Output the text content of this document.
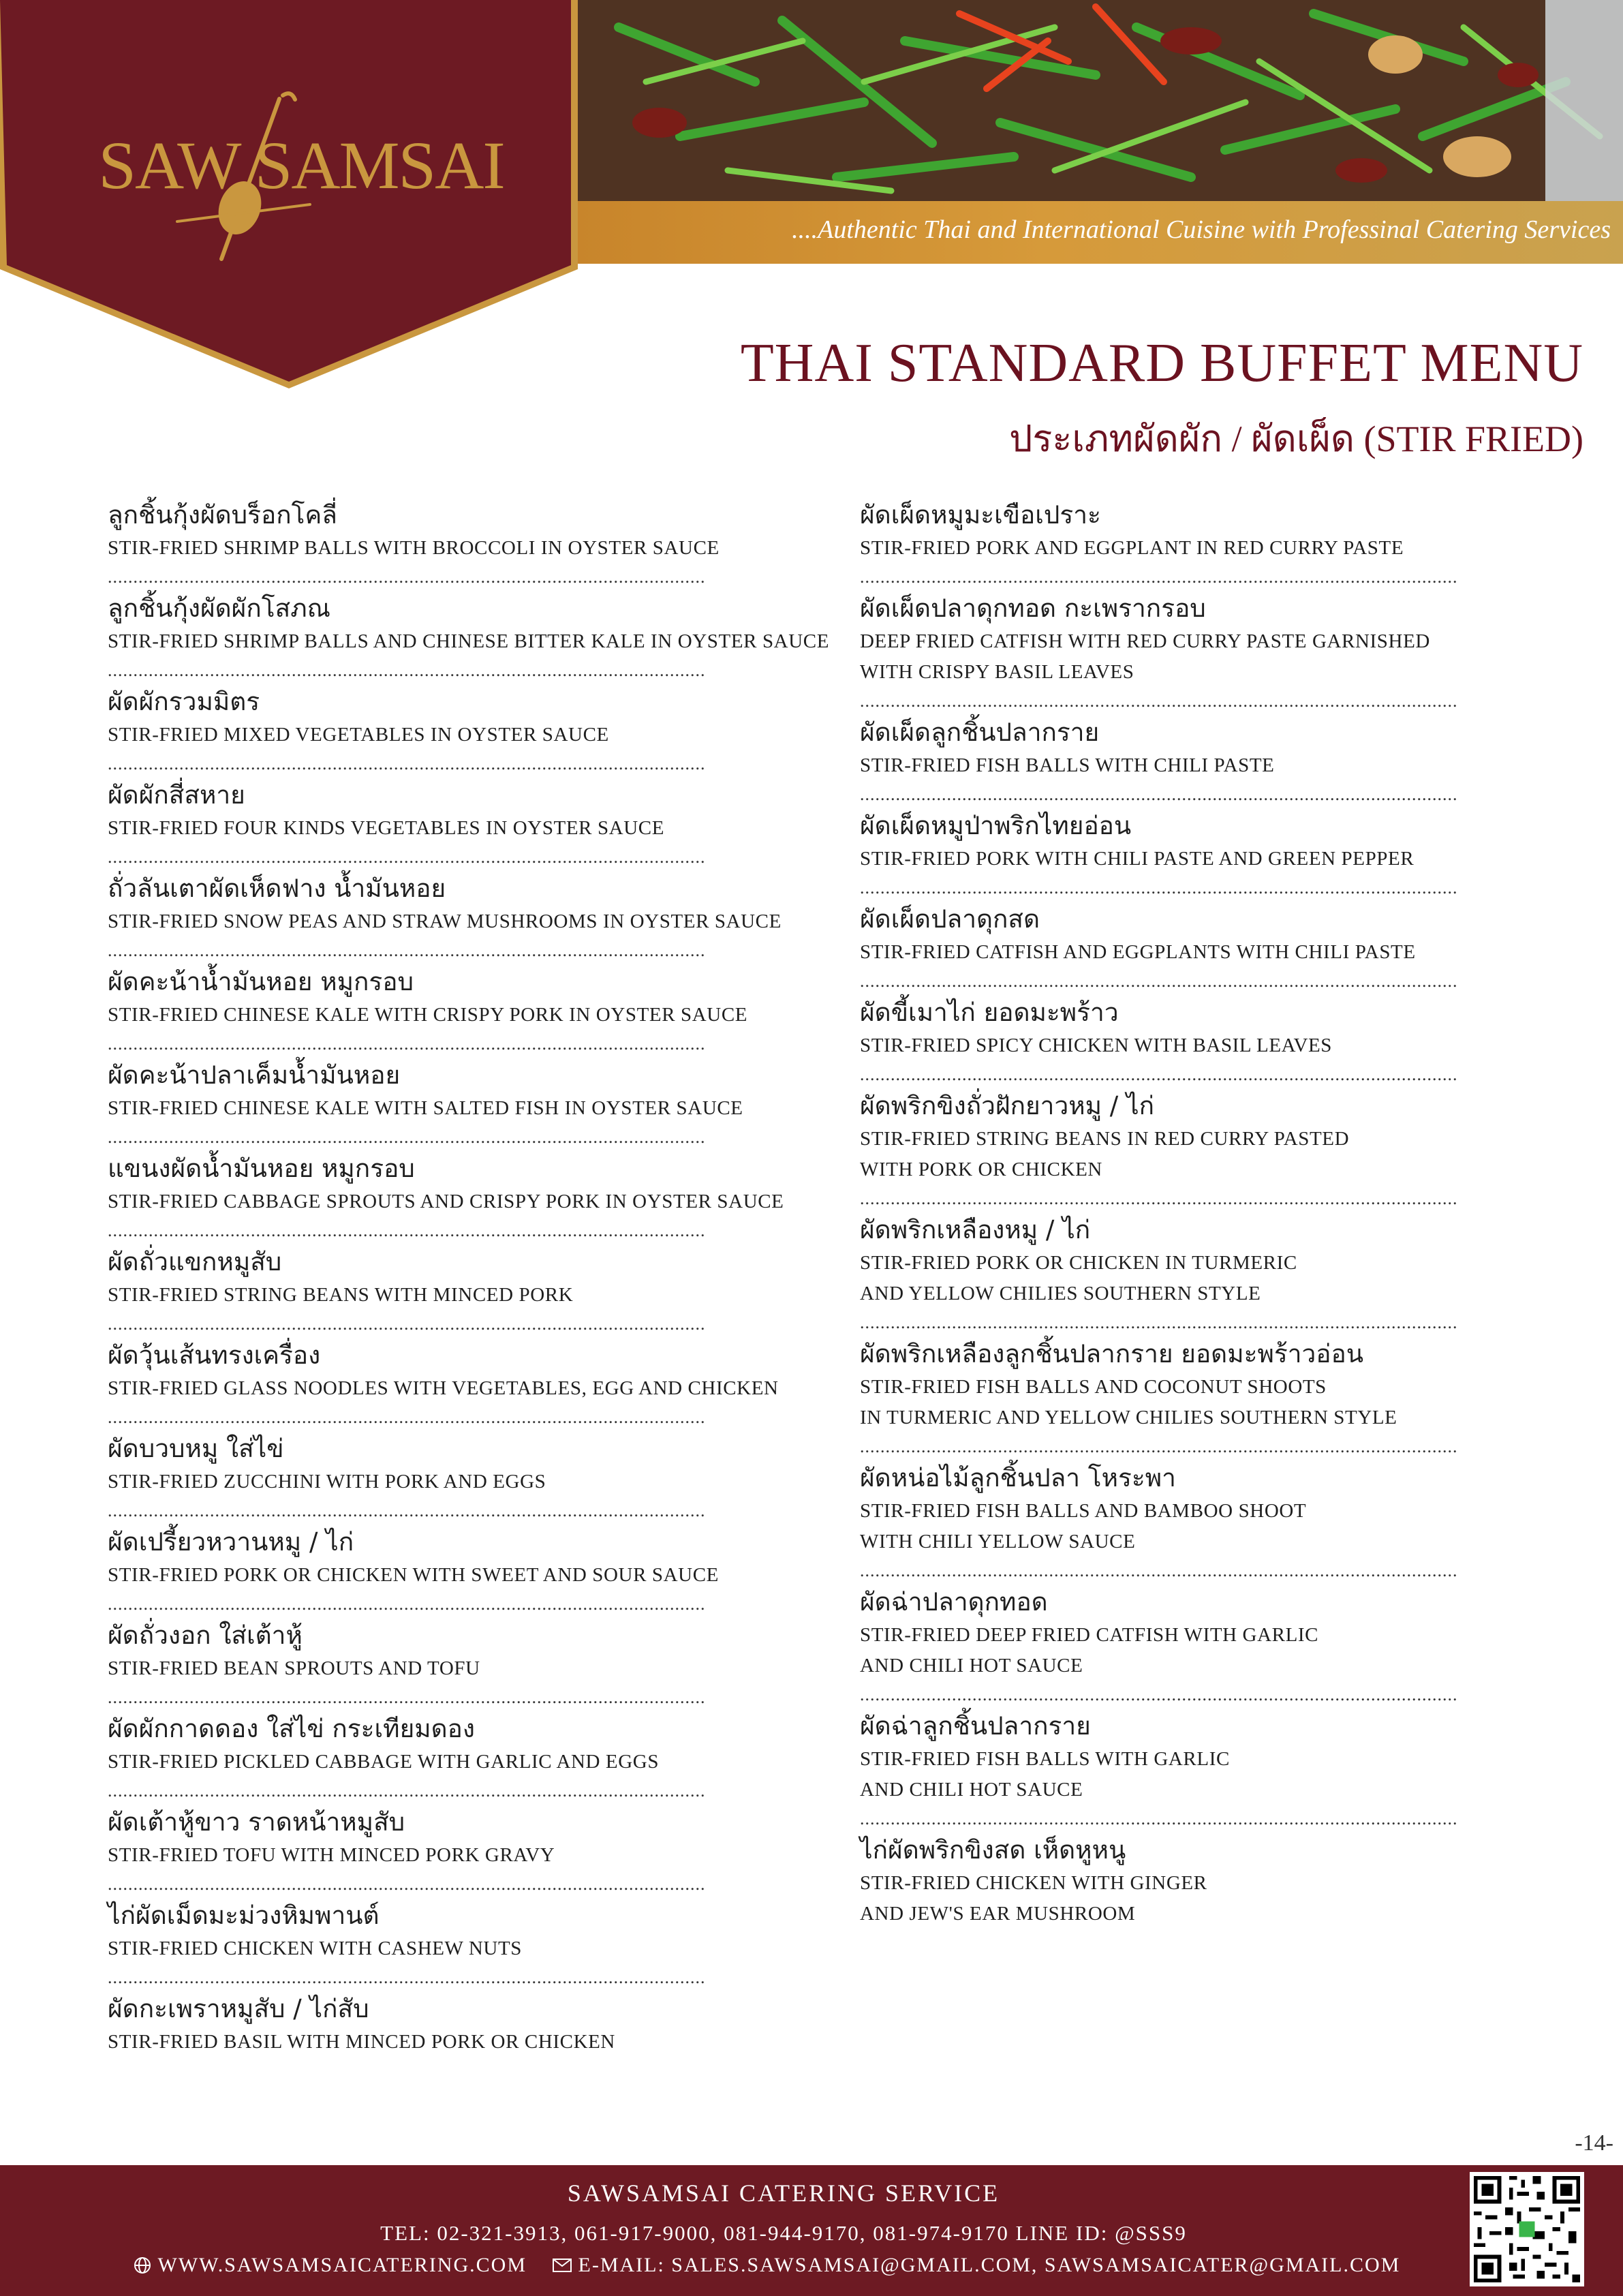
SAW SAMSAI
....Authentic Thai and International Cuisine with Professinal Catering Services
THAI STANDARD BUFFET MENU
ประเภทผัดผัก / ผัดเผ็ด (STIR FRIED)
ลูกชิ้นกุ้งผัดบร็อกโคลี่
STIR-FRIED SHRIMP BALLS WITH BROCCOLI IN OYSTER SAUCE
.....................................................................................................................
ลูกชิ้นกุ้งผัดผักโสภณ
STIR-FRIED SHRIMP BALLS AND CHINESE BITTER KALE IN OYSTER SAUCE
.....................................................................................................................
ผัดผักรวมมิตร
STIR-FRIED MIXED VEGETABLES IN OYSTER SAUCE
.....................................................................................................................
ผัดผักสี่สหาย
STIR-FRIED FOUR KINDS VEGETABLES IN OYSTER SAUCE
.....................................................................................................................
ถั่วลันเตาผัดเห็ดฟาง น้ำมันหอย
STIR-FRIED SNOW PEAS AND STRAW MUSHROOMS IN OYSTER SAUCE
.....................................................................................................................
ผัดคะน้าน้ำมันหอย หมูกรอบ
STIR-FRIED CHINESE KALE WITH CRISPY PORK IN OYSTER SAUCE
.....................................................................................................................
ผัดคะน้าปลาเค็มน้ำมันหอย
STIR-FRIED CHINESE KALE WITH SALTED FISH IN OYSTER SAUCE
.....................................................................................................................
แขนงผัดน้ำมันหอย หมูกรอบ
STIR-FRIED CABBAGE SPROUTS AND CRISPY PORK IN OYSTER SAUCE
.....................................................................................................................
ผัดถั่วแขกหมูสับ
STIR-FRIED STRING BEANS WITH MINCED PORK
.....................................................................................................................
ผัดวุ้นเส้นทรงเครื่อง
STIR-FRIED GLASS NOODLES WITH VEGETABLES, EGG AND CHICKEN
.....................................................................................................................
ผัดบวบหมู ใส่ไข่
STIR-FRIED ZUCCHINI WITH PORK AND EGGS
.....................................................................................................................
ผัดเปรี้ยวหวานหมู / ไก่
STIR-FRIED PORK OR CHICKEN WITH SWEET AND SOUR SAUCE
.....................................................................................................................
ผัดถั่วงอก ใส่เต้าหู้
STIR-FRIED BEAN SPROUTS AND TOFU
.....................................................................................................................
ผัดผักกาดดอง ใส่ไข่ กระเทียมดอง
STIR-FRIED PICKLED CABBAGE WITH GARLIC AND EGGS
.....................................................................................................................
ผัดเต้าหู้ขาว ราดหน้าหมูสับ
STIR-FRIED TOFU WITH MINCED PORK GRAVY
.....................................................................................................................
ไก่ผัดเม็ดมะม่วงหิมพานต์
STIR-FRIED CHICKEN WITH CASHEW NUTS
.....................................................................................................................
ผัดกะเพราหมูสับ / ไก่สับ
STIR-FRIED BASIL WITH MINCED PORK OR CHICKEN
ผัดเผ็ดหมูมะเขือเปราะ
STIR-FRIED PORK AND EGGPLANT IN RED CURRY PASTE
.....................................................................................................................
ผัดเผ็ดปลาดุกทอด กะเพรากรอบ
DEEP FRIED CATFISH WITH RED CURRY PASTE GARNISHED
WITH CRISPY BASIL LEAVES
.....................................................................................................................
ผัดเผ็ดลูกชิ้นปลากราย
STIR-FRIED FISH BALLS WITH CHILI PASTE
.....................................................................................................................
ผัดเผ็ดหมูป่าพริกไทยอ่อน
STIR-FRIED PORK WITH CHILI PASTE AND GREEN PEPPER
.....................................................................................................................
ผัดเผ็ดปลาดุกสด
STIR-FRIED CATFISH AND EGGPLANTS WITH CHILI PASTE
.....................................................................................................................
ผัดขี้เมาไก่ ยอดมะพร้าว
STIR-FRIED SPICY CHICKEN WITH BASIL LEAVES
.....................................................................................................................
ผัดพริกขิงถั่วฝักยาวหมู / ไก่
STIR-FRIED STRING BEANS IN RED CURRY PASTED
WITH PORK OR CHICKEN
.....................................................................................................................
ผัดพริกเหลืองหมู / ไก่
STIR-FRIED PORK OR CHICKEN IN TURMERIC
AND YELLOW CHILIES SOUTHERN STYLE
.....................................................................................................................
ผัดพริกเหลืองลูกชิ้นปลากราย ยอดมะพร้าวอ่อน
STIR-FRIED FISH BALLS AND COCONUT SHOOTS
IN TURMERIC AND YELLOW CHILIES SOUTHERN STYLE
.....................................................................................................................
ผัดหน่อไม้ลูกชิ้นปลา โหระพา
STIR-FRIED FISH BALLS AND BAMBOO SHOOT
WITH CHILI YELLOW SAUCE
.....................................................................................................................
ผัดฉ่าปลาดุกทอด
STIR-FRIED DEEP FRIED CATFISH WITH GARLIC
AND CHILI HOT SAUCE
.....................................................................................................................
ผัดฉ่าลูกชิ้นปลากราย
STIR-FRIED FISH BALLS WITH GARLIC
AND CHILI HOT SAUCE
.....................................................................................................................
ไก่ผัดพริกขิงสด เห็ดหูหนู
STIR-FRIED CHICKEN WITH GINGER
AND JEW'S EAR MUSHROOM
-14-
SAWSAMSAI CATERING SERVICE
TEL: 02-321-3913, 061-917-9000, 081-944-9170, 081-974-9170 LINE ID: @SSS9
WWW.SAWSAMSAICATERING.COM	E-MAIL: SALES.SAWSAMSAI@GMAIL.COM, SAWSAMSAICATER@GMAIL.COM
